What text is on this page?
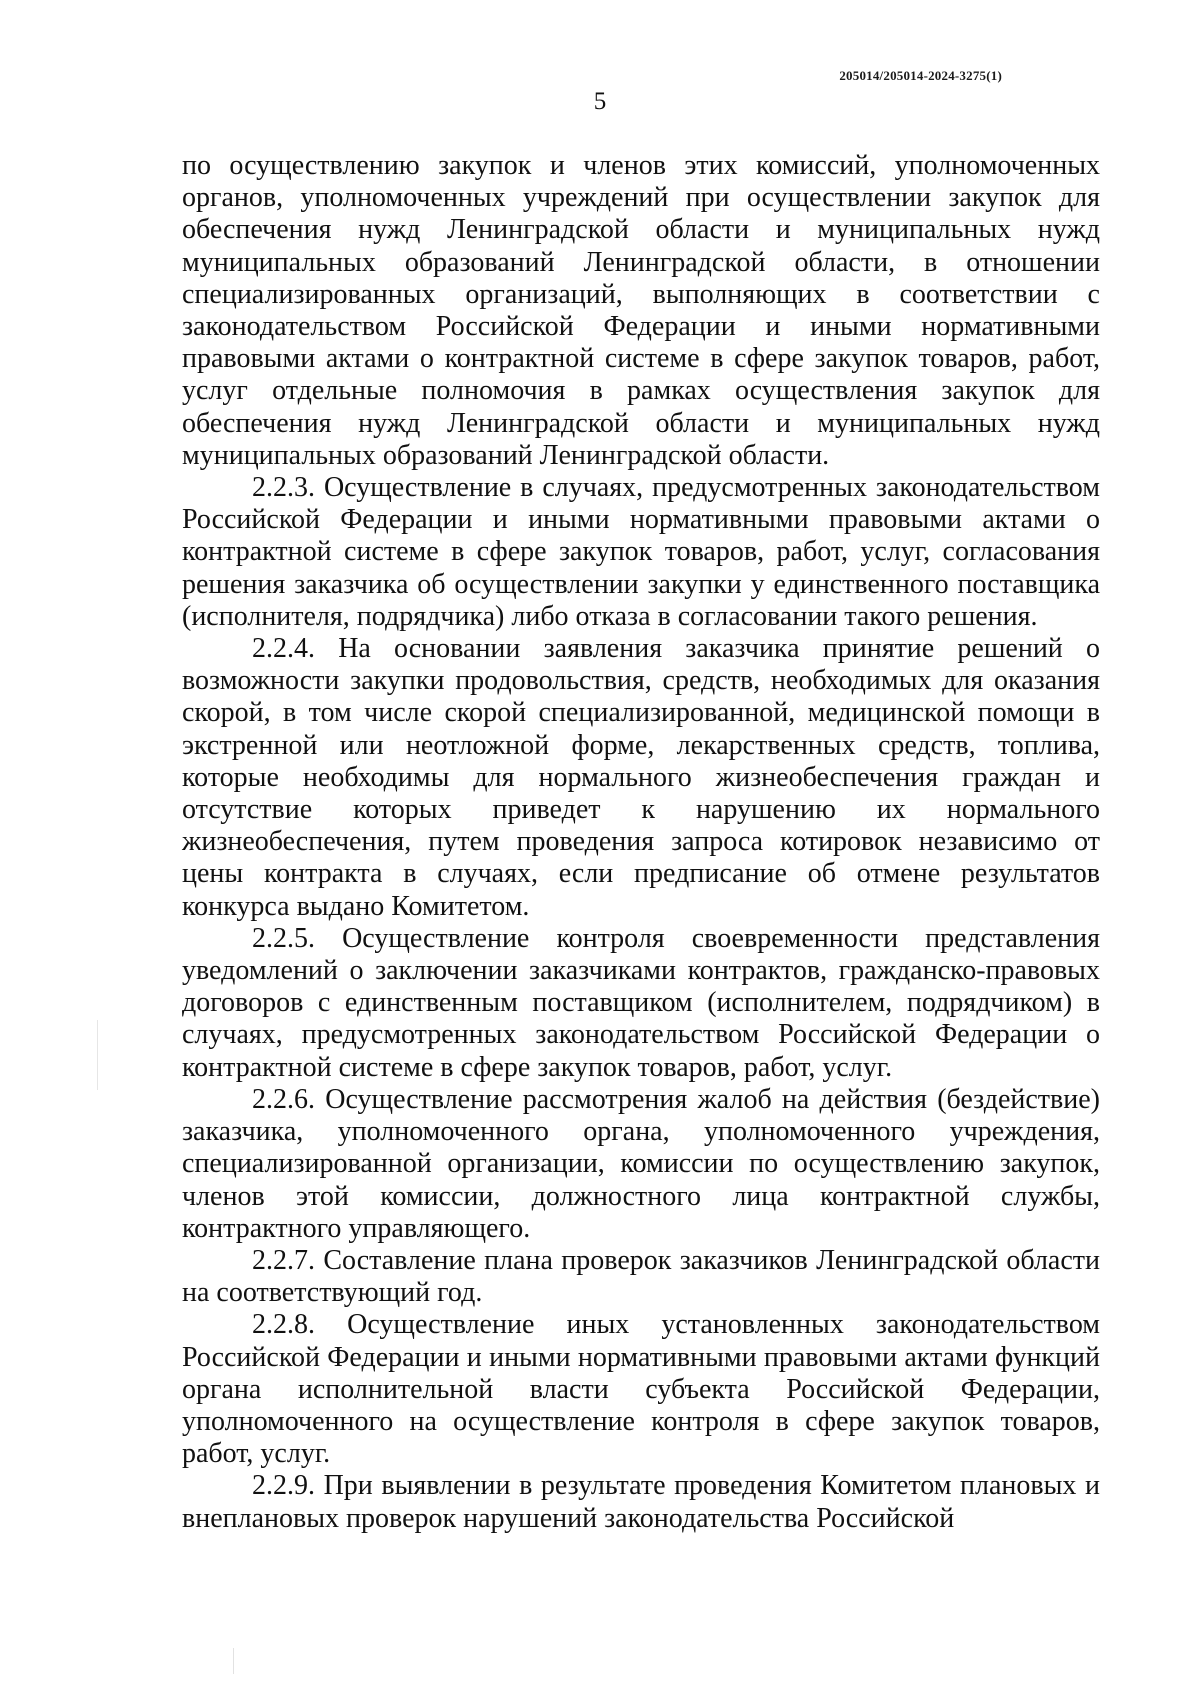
205014/205014-2024-3275(1)
5

по осуществлению закупок и членов этих комиссий, уполномоченных органов, уполномоченных учреждений при осуществлении закупок для обеспечения нужд Ленинградской области и муниципальных нужд муниципальных образований Ленинградской области, в отношении специализированных организаций, выполняющих в соответствии с законодательством Российской Федерации и иными нормативными правовыми актами о контрактной системе в сфере закупок товаров, работ, услуг отдельные полномочия в рамках осуществления закупок для обеспечения нужд Ленинградской области и муниципальных нужд муниципальных образований Ленинградской области.

2.2.3. Осуществление в случаях, предусмотренных законодательством Российской Федерации и иными нормативными правовыми актами о контрактной системе в сфере закупок товаров, работ, услуг, согласования решения заказчика об осуществлении закупки у единственного поставщика (исполнителя, подрядчика) либо отказа в согласовании такого решения.

2.2.4. На основании заявления заказчика принятие решений о возможности закупки продовольствия, средств, необходимых для оказания скорой, в том числе скорой специализированной, медицинской помощи в экстренной или неотложной форме, лекарственных средств, топлива, которые необходимы для нормального жизнеобеспечения граждан и отсутствие которых приведет к нарушению их нормального жизнеобеспечения, путем проведения запроса котировок независимо от цены контракта в случаях, если предписание об отмене результатов конкурса выдано Комитетом.

2.2.5. Осуществление контроля своевременности представления уведомлений о заключении заказчиками контрактов, гражданско-правовых договоров с единственным поставщиком (исполнителем, подрядчиком) в случаях, предусмотренных законодательством Российской Федерации о контрактной системе в сфере закупок товаров, работ, услуг.

2.2.6. Осуществление рассмотрения жалоб на действия (бездействие) заказчика, уполномоченного органа, уполномоченного учреждения, специализированной организации, комиссии по осуществлению закупок, членов этой комиссии, должностного лица контрактной службы, контрактного управляющего.

2.2.7. Составление плана проверок заказчиков Ленинградской области на соответствующий год.

2.2.8. Осуществление иных установленных законодательством Российской Федерации и иными нормативными правовыми актами функций органа исполнительной власти субъекта Российской Федерации, уполномоченного на осуществление контроля в сфере закупок товаров, работ, услуг.

2.2.9. При выявлении в результате проведения Комитетом плановых и внеплановых проверок нарушений законодательства Российской
